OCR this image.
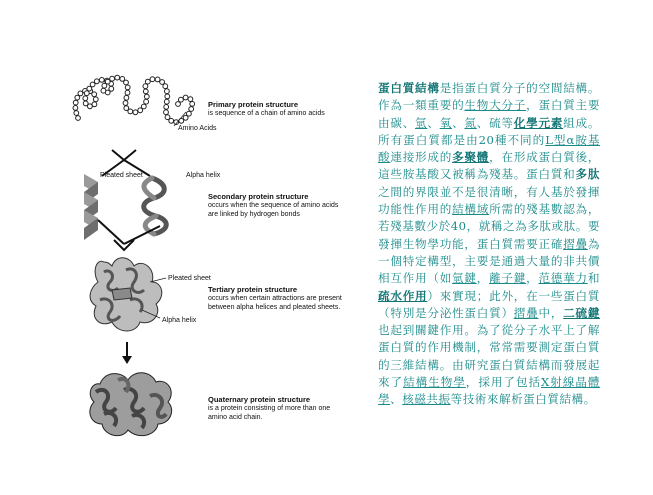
Primary protein structure
is sequence of a chain of amino acids
Amino Acids
Pleated sheet	Alpha helix
Secondary protein structure
occurs when the sequence of amino acids
are linked by hydrogen bonds
Pleated sheet
Tertiary protein structure
occurs when certain attractions are present
between alpha helices and pleated sheets.
Alpha helix
Quaternary protein structure
is a protein consisting of more than one
amino acid chain.
蛋白質結構是指蛋白質分子的空間結構。作為一類重要的生物大分子，蛋白質主要由碳、氫、氧、氮、硫等化學元素組成。所有蛋白質都是由20種不同的L型α胺基酸連接形成的多聚體，在形成蛋白質後，這些胺基酸又被稱為殘基。蛋白質和多肽之間的界限並不是很清晰，有人基於發揮功能性作用的結構域所需的殘基數認為，若殘基數少於40，就稱之為多肽或肽。要發揮生物學功能，蛋白質需要正確摺疊為一個特定構型，主要是通過大量的非共價相互作用（如氫鍵，離子鍵，范德華力和疏水作用）來實現；此外，在一些蛋白質（特別是分泌性蛋白質）摺疊中，二硫鍵也起到關鍵作用。為了從分子水平上了解蛋白質的作用機制，常常需要測定蛋白質的三維結構。由研究蛋白質結構而發展起來了結構生物學，採用了包括X射線晶體學、核磁共振等技術來解析蛋白質結構。
